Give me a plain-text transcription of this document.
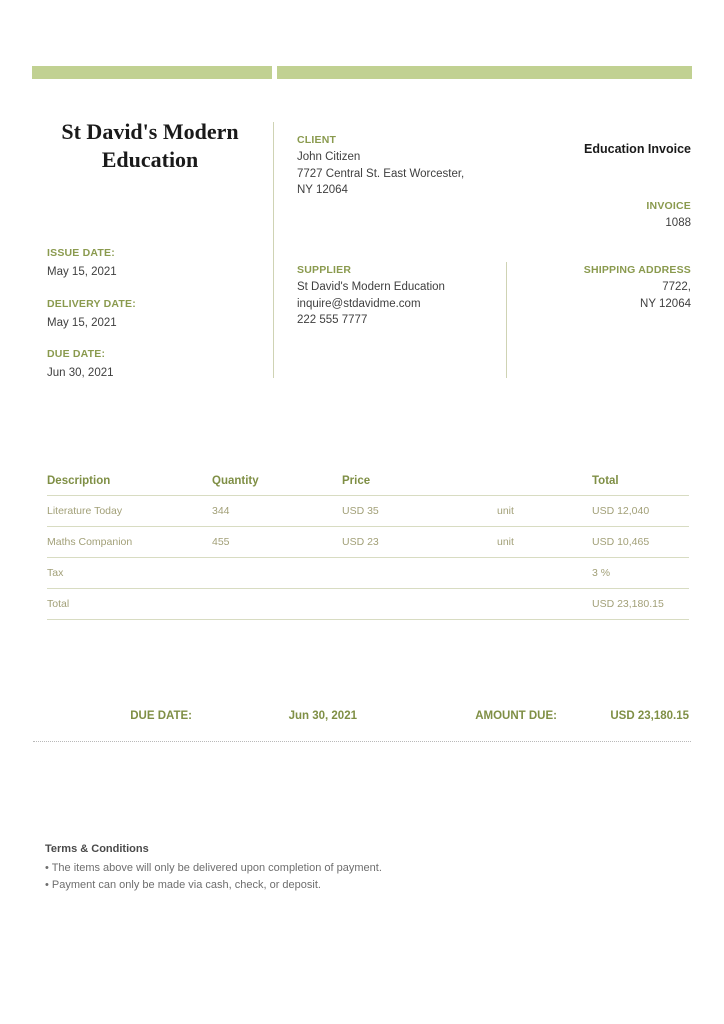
St David's Modern Education
CLIENT
John Citizen
7727 Central St. East Worcester,
NY 12064
Education Invoice
INVOICE
1088
ISSUE DATE:
May 15, 2021
DELIVERY DATE:
May 15, 2021
DUE DATE:
Jun 30, 2021
SUPPLIER
St David's Modern Education
inquire@stdavidme.com
222 555 7777
SHIPPING ADDRESS
7722,
NY 12064
Description	Quantity	Price		Total
Literature Today	344	USD 35	unit	USD 12,040
Maths Companion	455	USD 23	unit	USD 10,465
Tax				3 %
Total				USD 23,180.15
DUE DATE:	Jun 30, 2021	AMOUNT DUE:	USD 23,180.15
Terms & Conditions
• The items above will only be delivered upon completion of payment.
• Payment can only be made via cash, check, or deposit.
